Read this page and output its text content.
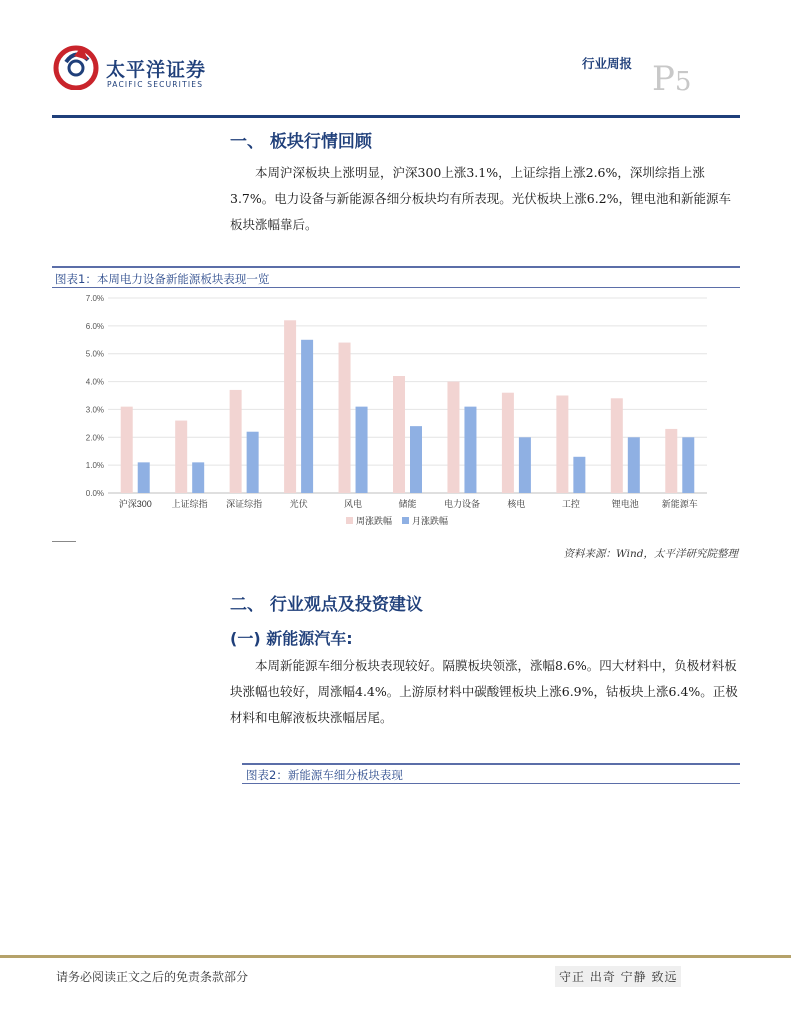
太平洋证券
PACIFIC SECURITIES
行业周报 P5
一、 板块行情回顾
本周沪深板块上涨明显，沪深300上涨3.1%，上证综指上涨2.6%，深圳综指上涨3.7%。电力设备与新能源各细分板块均有所表现。光伏板块上涨6.2%，锂电池和新能源车板块涨幅靠后。
图表1：本周电力设备新能源板块表现一览
0.0%
1.0%
2.0%
3.0%
4.0%
5.0%
6.0%
7.0%
沪深300 上证综指 深证综指	光伏	风电	储能	电力设备	核电	工控	锂电池	新能源车
周涨跌幅 月涨跌幅
资料来源：Wind，太平洋研究院整理
二、 行业观点及投资建议
(一) 新能源汽车:
本周新能源车细分板块表现较好。隔膜板块领涨，涨幅8.6%。四大材料中，负极材料板块涨幅也较好，周涨幅4.4%。上游原材料中碳酸锂板块上涨6.9%，钴板块上涨6.4%。正极材料和电解液板块涨幅居尾。
图表2：新能源车细分板块表现
请务必阅读正文之后的免责条款部分	守正 出奇 宁静 致远
